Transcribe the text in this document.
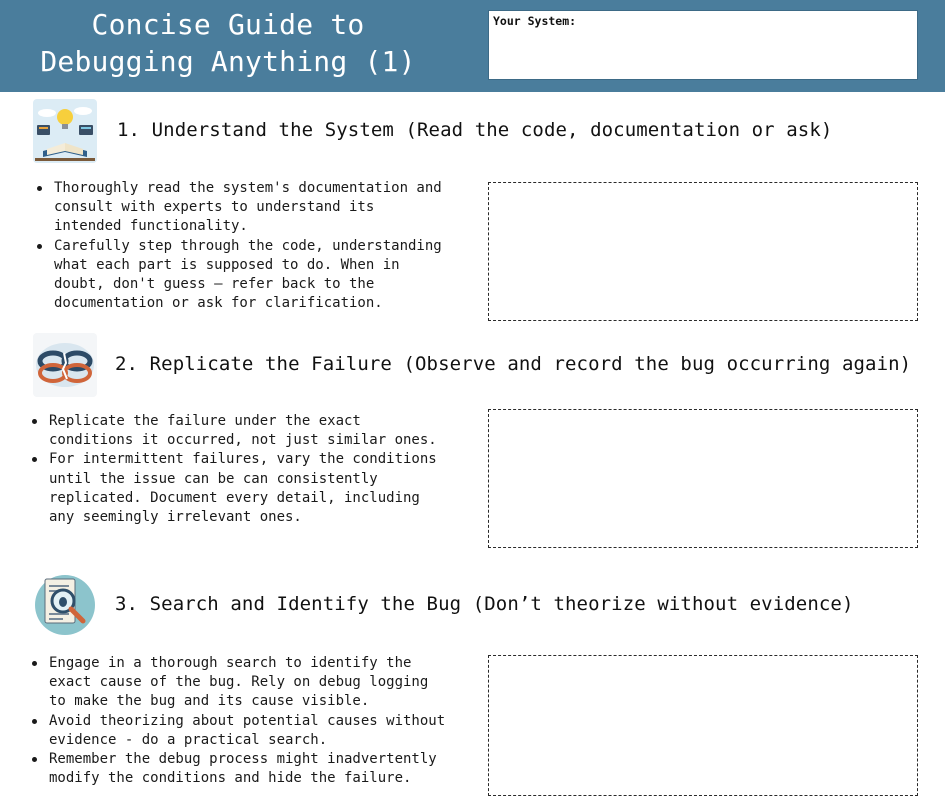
Concise Guide to
Debugging Anything (1)
Your System:
1. Understand the System (Read the code, documentation or ask)
Thoroughly read the system's documentation and
consult with experts to understand its
intended functionality.
Carefully step through the code, understanding
what each part is supposed to do. When in
doubt, don't guess — refer back to the
documentation or ask for clarification.
2. Replicate the Failure (Observe and record the bug occurring again)
Replicate the failure under the exact
conditions it occurred, not just similar ones.
For intermittent failures, vary the conditions
until the issue can be can consistently
replicated. Document every detail, including
any seemingly irrelevant ones.
3. Search and Identify the Bug (Don’t theorize without evidence)
Engage in a thorough search to identify the
exact cause of the bug. Rely on debug logging
to make the bug and its cause visible.
Avoid theorizing about potential causes without
evidence - do a practical search.
Remember the debug process might inadvertently
modify the conditions and hide the failure.
